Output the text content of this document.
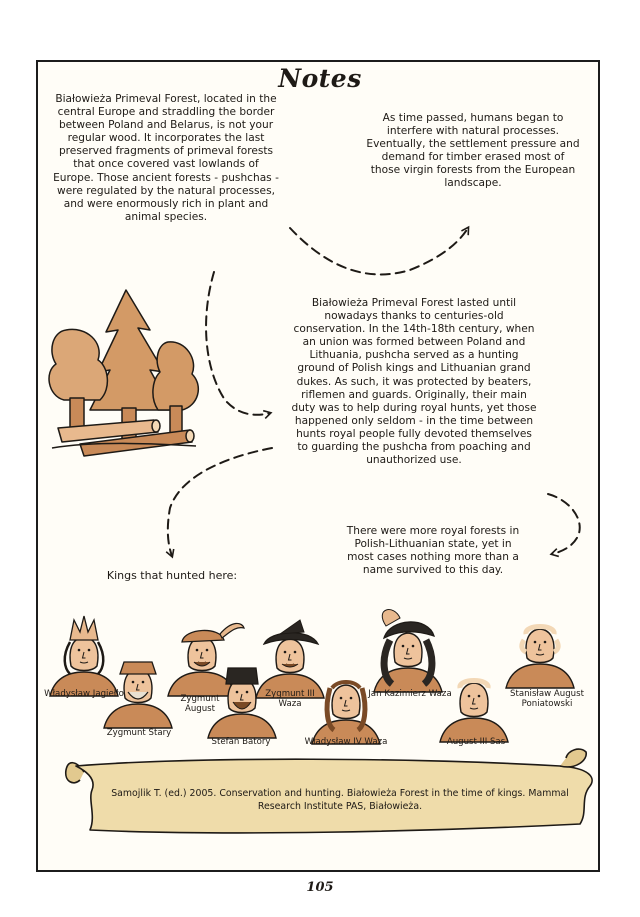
Notes
Białowieża Primeval Forest, located in the central Europe and straddling the border between Poland and Belarus, is not your regular wood. It incorporates the last preserved fragments of primeval forests that once covered vast lowlands of Europe. Those ancient forests - pushchas - were regulated by the natural processes, and were enormously rich in plant and animal species.
As time passed, humans began to interfere with natural processes. Eventually, the settlement pressure and demand for timber erased most of those virgin forests from the European landscape.
Białowieża Primeval Forest lasted until nowadays thanks to centuries-old conservation. In the 14th-18th century, when an union was formed between Poland and Lithuania, pushcha served as a hunting ground of Polish kings and Lithuanian grand dukes. As such, it was protected by beaters, riflemen and guards. Originally, their main duty was to help during royal hunts, yet those happened only seldom - in the time between hunts royal people fully devoted themselves to guarding the pushcha from poaching and unauthorized use.
There were more royal forests in Polish-Lithuanian state, yet in most cases nothing more than a name survived to this day.
Kings that hunted here:
Władysław Jagiełło
Zygmunt Stary
Zygmunt August
Stefan Batory
Zygmunt III Waza
Władysław IV Waza
Jan Kazimierz Waza
August III Sas
Stanisław August Poniatowski
Samojlik T. (ed.) 2005. Conservation and hunting. Białowieża Forest in the time of kings. Mammal Research Institute PAS, Białowieża.
105
